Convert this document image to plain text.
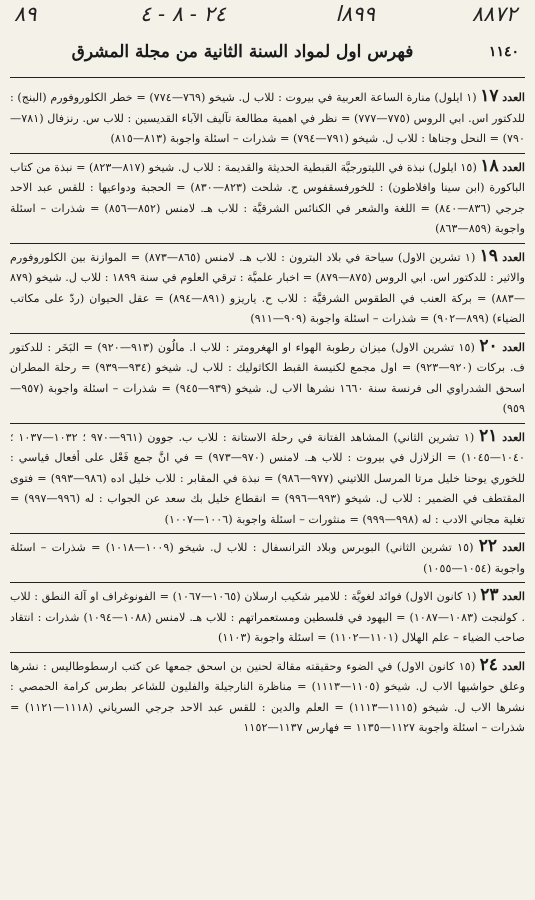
٨٨٧٢
٨٩٩ا
٢٤ - ٨ - ٤
٨٩
١١٤٠
فهرس اول لمواد السنة الثانية من مجلة المشرق

العدد ١٧ (١ ايلول) منارة الساعة العربية في بيروت : للاب ل. شيخو (٧٦٩—٧٧٤) = خطر الكلوروفورم (البنج) : للدكتور اس. ابي الروس (٧٧٥—٧٧٧) = نظر في اهمية مطالعة تآليف الآباء القديسين : للاب س. رنزفال (٧٨١—٧٩٠) = النحل وجناها : للاب ل. شيخو (٧٩١—٧٩٤) = شذرات – اسئلة واجوبة (٨١٣—٨١٥)

العدد ١٨ (١٥ ايلول) نبذة في الليتورجيَّة القبطية الحديثة والقديمة : للاب ل. شيخو (٨١٧—٨٢٣) = نبذة من كتاب الباكورة (ابن سينا وافلاطون) : للخورفسقفوس ح. شلحت (٨٢٣—٨٣٠) = الحجبة ودواعيها : للقس عبد الاحد جرجي (٨٣٦—٨٤٠) = اللغة والشعر في الكنائس الشرقيَّة : للاب هـ. لامنس (٨٥٢—٨٥٦) = شذرات – اسئلة واجوبة (٨٥٩—٨٦٣)

العدد ١٩ (١ تشرين الاول) سياحة في بلاد البترون : للاب هـ. لامنس (٨٦٥—٨٧٣) = الموازنة بين الكلوروفورم والاثير : للدكتور اس. ابي الروس (٨٧٥—٨٧٩) = اخبار علميَّة : ترقي العلوم في سنة ١٨٩٩ : للاب ل. شيخو (٨٧٩—٨٨٣) = بركة العنب في الطقوس الشرقيَّة : للاب ح. ياريزو (٨٩١—٨٩٤) = عقل الحيوان (ردّ على مكاتب الضياء) (٨٩٩—٩٠٢) = شذرات – اسئلة واجوبة (٩٠٩—٩١١)

العدد ٢٠ (١٥ تشرين الاول) ميزان رطوبة الهواء او الهغرومتر : للاب ا. مالُون (٩١٣—٩٢٠) = البَخَر : للدكتور ف. بركات (٩٢٠—٩٢٣) = اول مجمع لكنيسة القبط الكاثوليك : للاب ل. شيخو (٩٣٤—٩٣٩) = رحلة المطران اسحق الشدراوي الى فرنسة سنة ١٦٦٠ نشرها الاب ل. شيخو (٩٣٩—٩٤٥) = شذرات – اسئلة واجوبة (٩٥٧—٩٥٩)

العدد ٢١ (١ تشرين الثاني) المشاهد الفتانة في رحلة الاستانة : للاب ب. جوون (٩٦١—٩٧٠ ؛ ١٠٣٢—١٠٣٧ ؛ ١٠٤٠—١٠٤٥) = الزلازل في بيروت : للاب هـ. لامنس (٩٧٠—٩٧٣) = في انَّ جمع فَعْل على أفعال قياسي : للخوري يوحنا خليل مرتا المرسل اللاتيني (٩٧٧—٩٨٦) = نبذة في المقابر : للاب خليل اده (٩٨٦—٩٩٣) = فتوى المقتطف في الضمير : للاب ل. شيخو (٩٩٣—٩٩٦) = انقطاع خليل بك سعد عن الجواب : له (٩٩٦—٩٩٧) = تغلية مجاني الادب : له (٩٩٨—٩٩٩) = منثورات – اسئلة واجوبة (١٠٠٦—١٠٠٧)

العدد ٢٢ (١٥ تشرين الثاني) البوبرس وبلاد الترانسفال : للاب ل. شيخو (١٠٠٩—١٠١٨) = شذرات – اسئلة واجوبة (١٠٥٤—١٠٥٥)

العدد ٢٣ (١ كانون الاول) فوائد لغويَّة : للامير شكيب ارسلان (١٠٦٥—١٠٦٧) = الفونوغراف او آلة النطق : للاب . كولنجت (١٠٨٣—١٠٨٧) = اليهود في فلسطين ومستعمراتهم : للاب هـ. لامنس (١٠٨٨—١٠٩٤) شذرات : انتقاد صاحب الضياء – علم الهلال (١١٠١—١١٠٢) = اسئلة واجوبة (١١٠٣)

العدد ٢٤ (١٥ كانون الاول) في الضوء وحقيقته مقالة لحنين بن اسحق جمعها عن كتب ارسطوطاليس : نشرها وعلق حواشيها الاب ل. شيخو (١١٠٥—١١١٣) = مناظرة النارجيلة والفليون للشاعر بطرس كرامة الحمصي : نشرها الاب ل. شيخو (١١١٥—١١١٣) = العلم والدين : للقس عبد الاحد جرجي السرياني (١١١٨—١١٢١) = شذرات – اسئلة واجوبة ١١٢٧—١١٣٥ = فهارس ١١٣٧—١١٥٢
